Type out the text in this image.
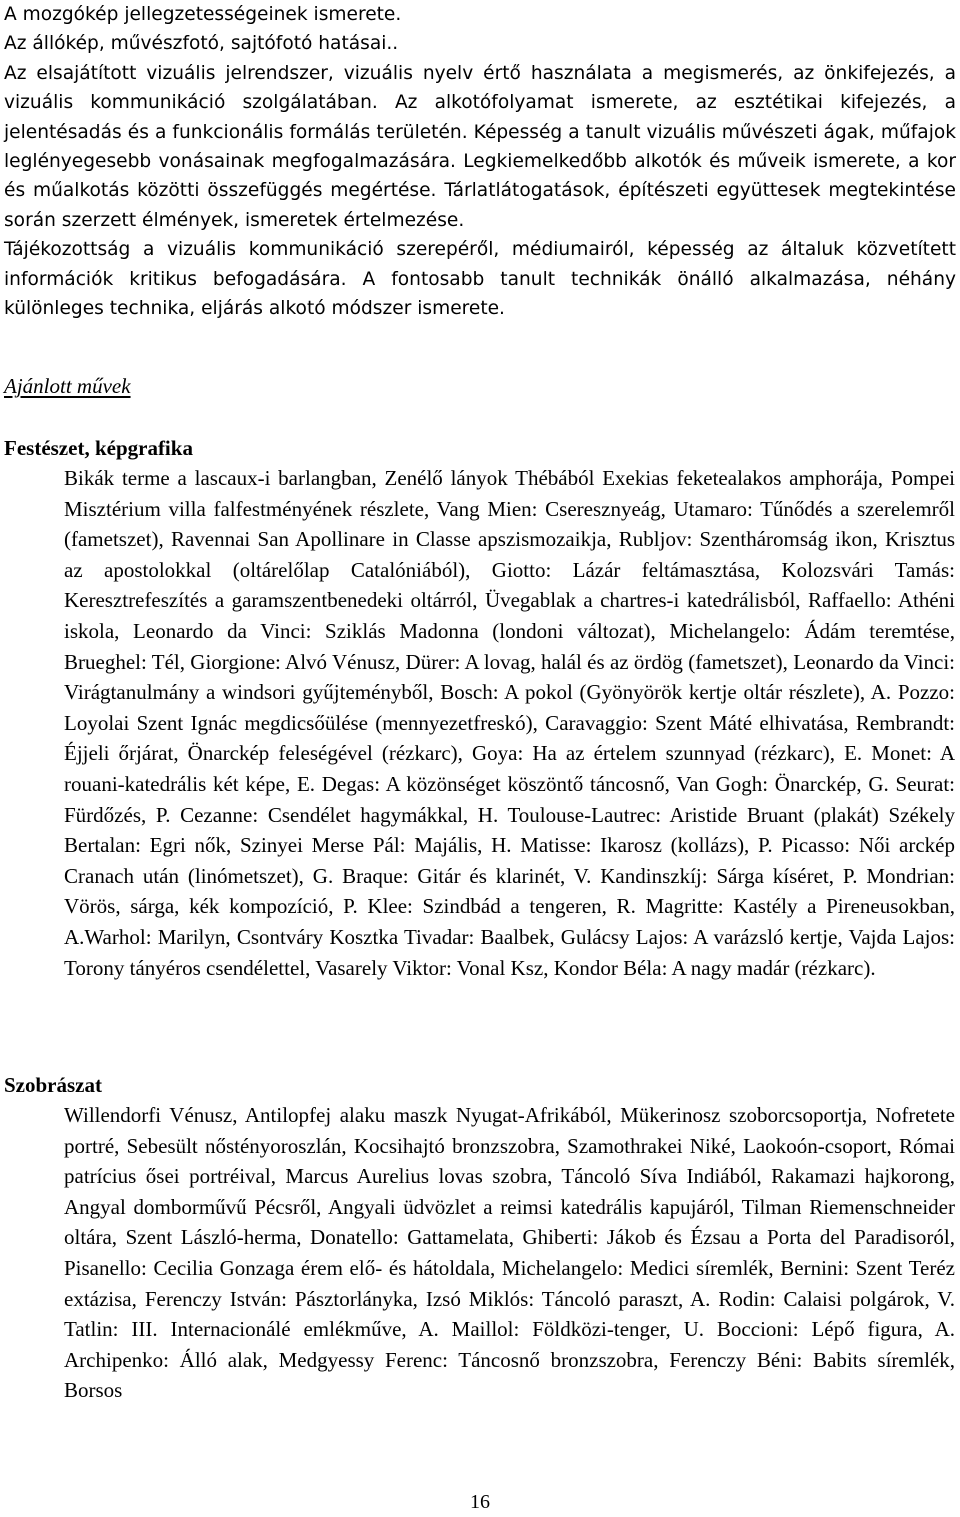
A mozgókép jellegzetességeinek ismerete.

Az állókép, művészfotó, sajtófotó hatásai..

Az elsajátított vizuális jelrendszer, vizuális nyelv értő használata a megismerés, az önkifejezés, a vizuális kommunikáció szolgálatában. Az alkotófolyamat ismerete, az esztétikai kifejezés, a jelentésadás és a funkcionális formálás területén. Képesség a tanult vizuális művészeti ágak, műfajok leglényegesebb vonásainak megfogalmazására. Legkiemelkedőbb alkotók és műveik ismerete, a kor és műalkotás közötti összefüggés megértése. Tárlatlátogatások, építészeti együttesek megtekintése során szerzett élmények, ismeretek értelmezése.

Tájékozottság a vizuális kommunikáció szerepéről, médiumairól, képesség az általuk közvetített információk kritikus befogadására. A fontosabb tanult technikák önálló alkalmazása, néhány különleges technika, eljárás alkotó módszer ismerete.

Ajánlott művek
Festészet, képgrafika

Bikák terme a lascaux-i barlangban, Zenélő lányok Thébából Exekias feketealakos amphorája, Pompei Misztérium villa falfestményének részlete, Vang Mien: Cseresznyeág, Utamaro: Tűnődés a szerelemről (fametszet), Ravennai San Apollinare in Classe apszismozaikja, Rubljov: Szentháromság ikon, Krisztus az apostolokkal (oltárelőlap Catalóniából), Giotto: Lázár feltámasztása, Kolozsvári Tamás: Keresztrefeszítés a garamszentbenedeki oltárról, Üvegablak a chartres-i katedrálisból, Raffaello: Athéni iskola, Leonardo da Vinci: Sziklás Madonna (londoni változat), Michelangelo: Ádám teremtése, Brueghel: Tél, Giorgione: Alvó Vénusz, Dürer: A lovag, halál és az ördög (fametszet), Leonardo da Vinci: Virágtanulmány a windsori gyűjteményből, Bosch: A pokol (Gyönyörök kertje oltár részlete), A. Pozzo: Loyolai Szent Ignác megdicsőülése (mennyezetfreskó), Caravaggio: Szent Máté elhivatása, Rembrandt: Éjjeli őrjárat, Önarckép feleségével (rézkarc), Goya: Ha az értelem szunnyad (rézkarc), E. Monet: A rouani-katedrális két képe, E. Degas: A közönséget köszöntő táncosnő, Van Gogh: Önarckép, G. Seurat: Fürdőzés, P. Cezanne: Csendélet hagymákkal, H. Toulouse-Lautrec: Aristide Bruant (plakát) Székely Bertalan: Egri nők, Szinyei Merse Pál: Majális, H. Matisse: Ikarosz (kollázs), P. Picasso: Női arckép Cranach után (linómetszet), G. Braque: Gitár és klarinét, V. Kandinszkíj: Sárga kíséret, P. Mondrian: Vörös, sárga, kék kompozíció, P. Klee: Szindbád a tengeren, R. Magritte: Kastély a Pireneusokban, A.Warhol: Marilyn, Csontváry Kosztka Tivadar: Baalbek, Gulácsy Lajos: A varázsló kertje, Vajda Lajos: Torony tányéros csendélettel, Vasarely Viktor: Vonal Ksz, Kondor Béla: A nagy madár (rézkarc).

Szobrászat

Willendorfi Vénusz, Antilopfej alaku maszk Nyugat-Afrikából, Mükerinosz szoborcsoportja, Nofretete portré, Sebesült nőstényoroszlán, Kocsihajtó bronzszobra, Szamothrakei Niké, Laokoón-csoport, Római patrícius ősei portréival, Marcus Aurelius lovas szobra, Táncoló Síva Indiából, Rakamazi hajkorong, Angyal domborművű Pécsről, Angyali üdvözlet a reimsi katedrális kapujáról, Tilman Riemenschneider oltára, Szent László-herma, Donatello: Gattamelata, Ghiberti: Jákob és Ézsau a Porta del Paradisoról, Pisanello: Cecilia Gonzaga érem elő- és hátoldala, Michelangelo: Medici síremlék, Bernini: Szent Teréz extázisa, Ferenczy István: Pásztorlányka, Izsó Miklós: Táncoló paraszt, A. Rodin: Calaisi polgárok, V. Tatlin: III. Internacionálé emlékműve, A. Maillol: Földközi-tenger, U. Boccioni: Lépő figura, A. Archipenko: Álló alak, Medgyessy Ferenc: Táncosnő bronzszobra, Ferenczy Béni: Babits síremlék, Borsos

16
